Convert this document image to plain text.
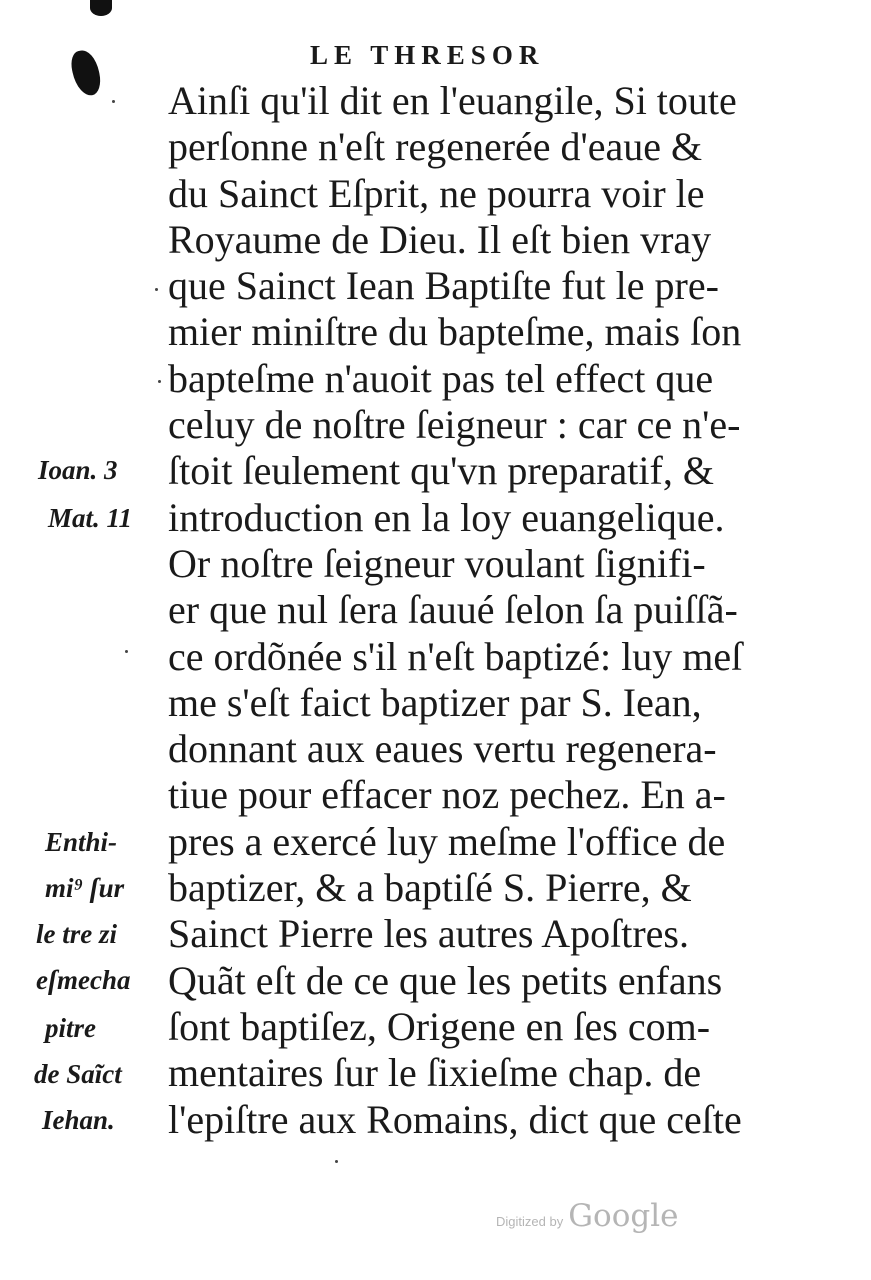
LE THRESOR
Ainſi qu'il dit en l'euangile, Si toute
perſonne n'eſt regenerée d'eaue &
du Sainct Eſprit, ne pourra voir le
Royaume de Dieu. Il eſt bien vray
que Sainct Iean Baptiſte fut le pre-
mier miniſtre du bapteſme, mais ſon
bapteſme n'auoit pas tel effect que
celuy de noſtre ſeigneur : car ce n'e-
ſtoit ſeulement qu'vn preparatif, &
introduction en la loy euangelique.
Or noſtre ſeigneur voulant ſignifi-
er que nul ſera ſauué ſelon ſa puiſſã-
ce ordõnée s'il n'eſt baptizé: luy meſ
me s'eſt faict baptizer par S. Iean,
donnant aux eaues vertu regenera-
tiue pour effacer noz pechez. En a-
pres a exercé luy meſme l'office de
baptizer, & a baptiſé S. Pierre, &
Sainct Pierre les autres Apoſtres.
Quãt eſt de ce que les petits enfans
ſont baptiſez, Origene en ſes com-
mentaires ſur le ſixieſme chap. de
l'epiſtre aux Romains, dict que ceſte
Ioan. 3
Mat. 11
Enthi-
mi⁹ ſur
le tre zi
eſmecha
pitre
de Saĩct
Iehan.
Digitized by Google
